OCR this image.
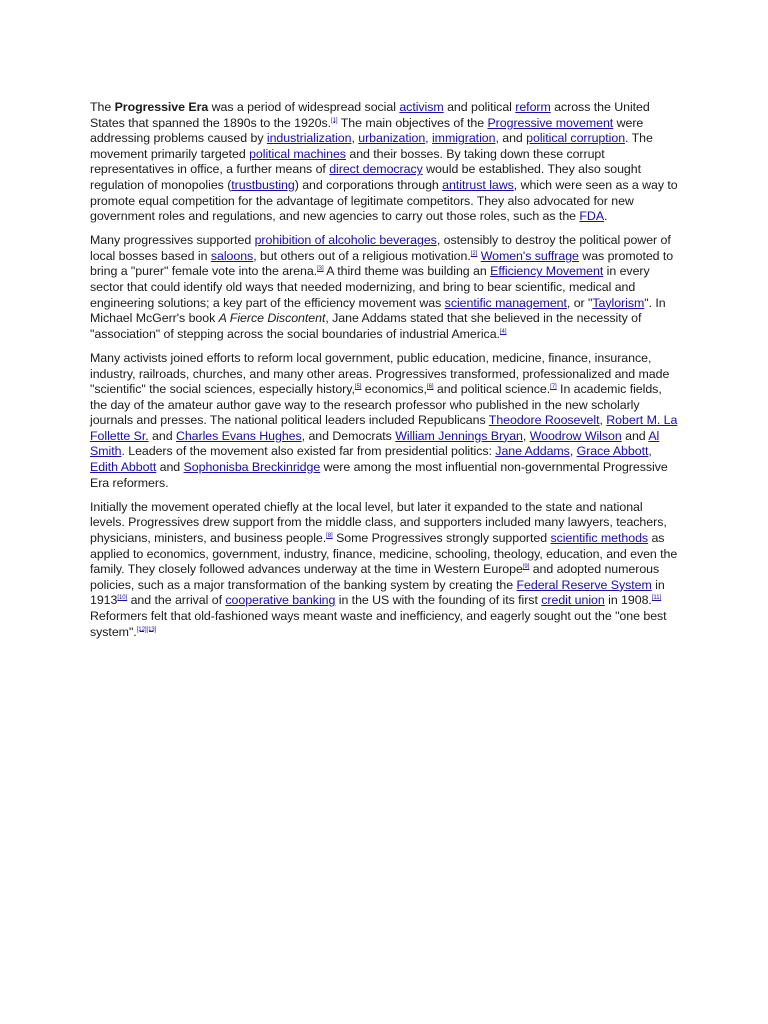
The Progressive Era was a period of widespread social activism and political reform across the United States that spanned the 1890s to the 1920s.[1] The main objectives of the Progressive movement were addressing problems caused by industrialization, urbanization, immigration, and political corruption. The movement primarily targeted political machines and their bosses. By taking down these corrupt representatives in office, a further means of direct democracy would be established. They also sought regulation of monopolies (trustbusting) and corporations through antitrust laws, which were seen as a way to promote equal competition for the advantage of legitimate competitors. They also advocated for new government roles and regulations, and new agencies to carry out those roles, such as the FDA.

Many progressives supported prohibition of alcoholic beverages, ostensibly to destroy the political power of local bosses based in saloons, but others out of a religious motivation.[2] Women's suffrage was promoted to bring a "purer" female vote into the arena.[3] A third theme was building an Efficiency Movement in every sector that could identify old ways that needed modernizing, and bring to bear scientific, medical and engineering solutions; a key part of the efficiency movement was scientific management, or "Taylorism". In Michael McGerr's book A Fierce Discontent, Jane Addams stated that she believed in the necessity of "association" of stepping across the social boundaries of industrial America.[4]

Many activists joined efforts to reform local government, public education, medicine, finance, insurance, industry, railroads, churches, and many other areas. Progressives transformed, professionalized and made "scientific" the social sciences, especially history,[5] economics,[6] and political science.[7] In academic fields, the day of the amateur author gave way to the research professor who published in the new scholarly journals and presses. The national political leaders included Republicans Theodore Roosevelt, Robert M. La Follette Sr. and Charles Evans Hughes, and Democrats William Jennings Bryan, Woodrow Wilson and Al Smith. Leaders of the movement also existed far from presidential politics: Jane Addams, Grace Abbott, Edith Abbott and Sophonisba Breckinridge were among the most influential non-governmental Progressive Era reformers.

Initially the movement operated chiefly at the local level, but later it expanded to the state and national levels. Progressives drew support from the middle class, and supporters included many lawyers, teachers, physicians, ministers, and business people.[8] Some Progressives strongly supported scientific methods as applied to economics, government, industry, finance, medicine, schooling, theology, education, and even the family. They closely followed advances underway at the time in Western Europe[9] and adopted numerous policies, such as a major transformation of the banking system by creating the Federal Reserve System in 1913[10] and the arrival of cooperative banking in the US with the founding of its first credit union in 1908.[11] Reformers felt that old-fashioned ways meant waste and inefficiency, and eagerly sought out the "one best system".[12][13]
